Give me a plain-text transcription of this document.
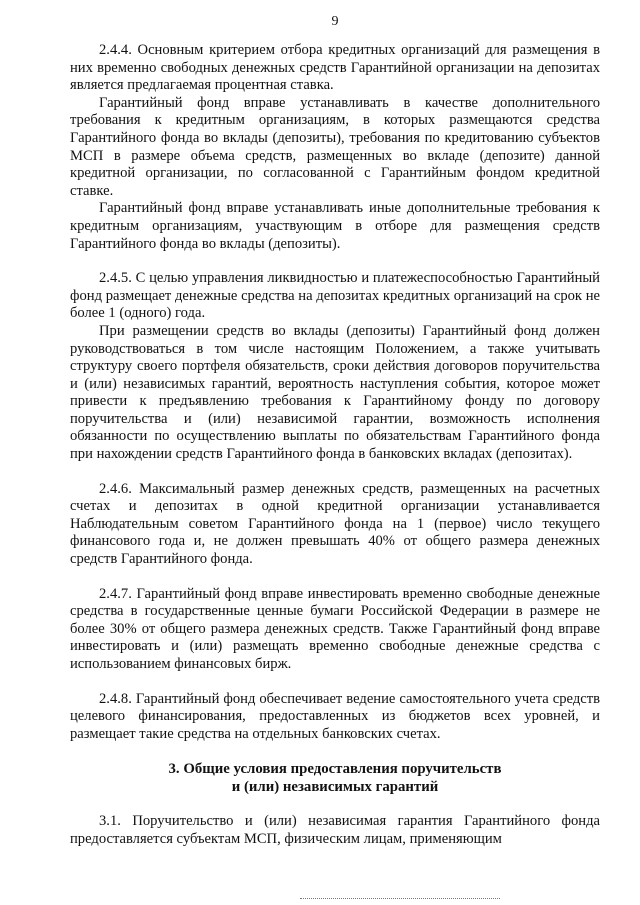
9

2.4.4. Основным критерием отбора кредитных организаций для размещения в них временно свободных денежных средств Гарантийной организации на депозитах является предлагаемая процентная ставка.

Гарантийный фонд вправе устанавливать в качестве дополнительного требования к кредитным организациям, в которых размещаются средства Гарантийного фонда во вклады (депозиты), требования по кредитованию субъектов МСП в размере объема средств, размещенных во вкладе (депозите) данной кредитной организации, по согласованной с Гарантийным фондом кредитной ставке.

Гарантийный фонд вправе устанавливать иные дополнительные требования к кредитным организациям, участвующим в отборе для размещения средств Гарантийного фонда во вклады (депозиты).

2.4.5. С целью управления ликвидностью и платежеспособностью Гарантийный фонд размещает денежные средства на депозитах кредитных организаций на срок не более 1 (одного) года.

При размещении средств во вклады (депозиты) Гарантийный фонд должен руководствоваться в том числе настоящим Положением, а также учитывать структуру своего портфеля обязательств, сроки действия договоров поручительства и (или) независимых гарантий, вероятность наступления события, которое может привести к предъявлению требования к Гарантийному фонду по договору поручительства и (или) независимой гарантии, возможность исполнения обязанности по осуществлению выплаты по обязательствам Гарантийного фонда при нахождении средств Гарантийного фонда в банковских вкладах (депозитах).

2.4.6. Максимальный размер денежных средств, размещенных на расчетных счетах и депозитах в одной кредитной организации устанавливается Наблюдательным советом Гарантийного фонда на 1 (первое) число текущего финансового года и, не должен превышать 40% от общего размера денежных средств Гарантийного фонда.

2.4.7. Гарантийный фонд вправе инвестировать временно свободные денежные средства в государственные ценные бумаги Российской Федерации в размере не более 30% от общего размера денежных средств. Также Гарантийный фонд вправе инвестировать и (или) размещать временно свободные денежные средства с использованием финансовых бирж.

2.4.8. Гарантийный фонд обеспечивает ведение самостоятельного учета средств целевого финансирования, предоставленных из бюджетов всех уровней, и размещает такие средства на отдельных банковских счетах.

3. Общие условия предоставления поручительств
и (или) независимых гарантий

3.1. Поручительство и (или) независимая гарантия Гарантийного фонда предоставляется субъектам МСП, физическим лицам, применяющим
